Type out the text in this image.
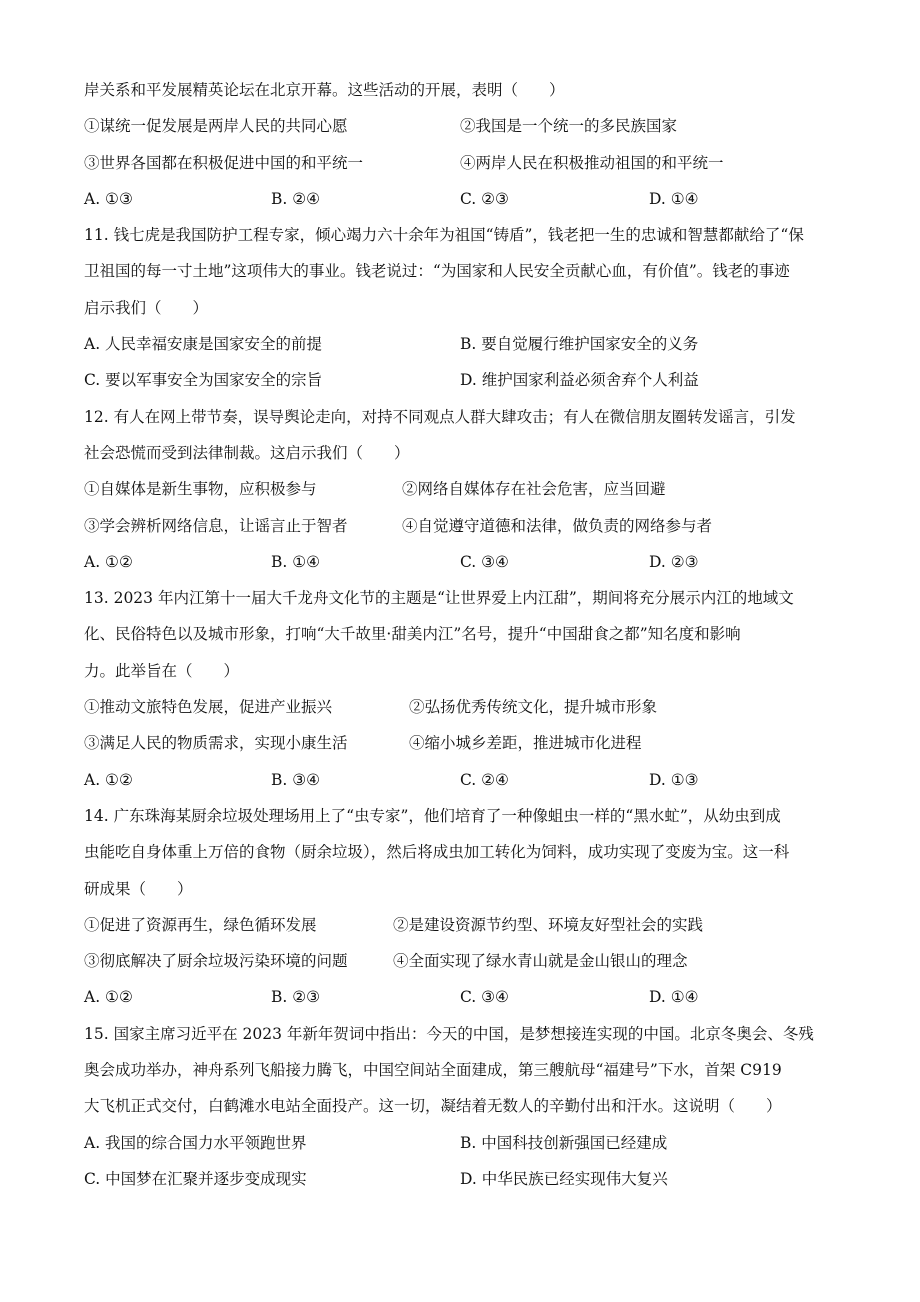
岸关系和平发展精英论坛在北京开幕。这些活动的开展，表明（　　）
①谋统一促发展是两岸人民的共同心愿	②我国是一个统一的多民族国家
③世界各国都在积极促进中国的和平统一	④两岸人民在积极推动祖国的和平统一
A. ①③	B. ②④	C. ②③	D. ①④
11. 钱七虎是我国防护工程专家，倾心竭力六十余年为祖国“铸盾”，钱老把一生的忠诚和智慧都献给了“保
卫祖国的每一寸土地”这项伟大的事业。钱老说过：“为国家和人民安全贡献心血，有价值”。钱老的事迹
启示我们（　　）
A. 人民幸福安康是国家安全的前提	B. 要自觉履行维护国家安全的义务
C. 要以军事安全为国家安全的宗旨	D. 维护国家利益必须舍弃个人利益
12. 有人在网上带节奏，误导舆论走向，对持不同观点人群大肆攻击；有人在微信朋友圈转发谣言，引发
社会恐慌而受到法律制裁。这启示我们（　　）
①自媒体是新生事物，应积极参与	②网络自媒体存在社会危害，应当回避
③学会辨析网络信息，让谣言止于智者	④自觉遵守道德和法律，做负责的网络参与者
A. ①②	B. ①④	C. ③④	D. ②③
13. 2023 年内江第十一届大千龙舟文化节的主题是“让世界爱上内江甜”，期间将充分展示内江的地域文
化、民俗特色以及城市形象，打响“大千故里·甜美内江”名号，提升“中国甜食之都”知名度和影响
力。此举旨在（　　）
①推动文旅特色发展，促进产业振兴	②弘扬优秀传统文化，提升城市形象
③满足人民的物质需求，实现小康生活	④缩小城乡差距，推进城市化进程
A. ①②	B. ③④	C. ②④	D. ①③
14. 广东珠海某厨余垃圾处理场用上了“虫专家”，他们培育了一种像蛆虫一样的“黑水虻”，从幼虫到成
虫能吃自身体重上万倍的食物（厨余垃圾），然后将成虫加工转化为饲料，成功实现了变废为宝。这一科
研成果（　　）
①促进了资源再生，绿色循环发展	②是建设资源节约型、环境友好型社会的实践
③彻底解决了厨余垃圾污染环境的问题	④全面实现了绿水青山就是金山银山的理念
A. ①②	B. ②③	C. ③④	D. ①④
15. 国家主席习近平在 2023 年新年贺词中指出：今天的中国，是梦想接连实现的中国。北京冬奥会、冬残
奥会成功举办，神舟系列飞船接力腾飞，中国空间站全面建成，第三艘航母“福建号”下水，首架 C919
大飞机正式交付，白鹤滩水电站全面投产。这一切，凝结着无数人的辛勤付出和汗水。这说明（　　）
A. 我国的综合国力水平领跑世界	B. 中国科技创新强国已经建成
C. 中国梦在汇聚并逐步变成现实	D. 中华民族已经实现伟大复兴
